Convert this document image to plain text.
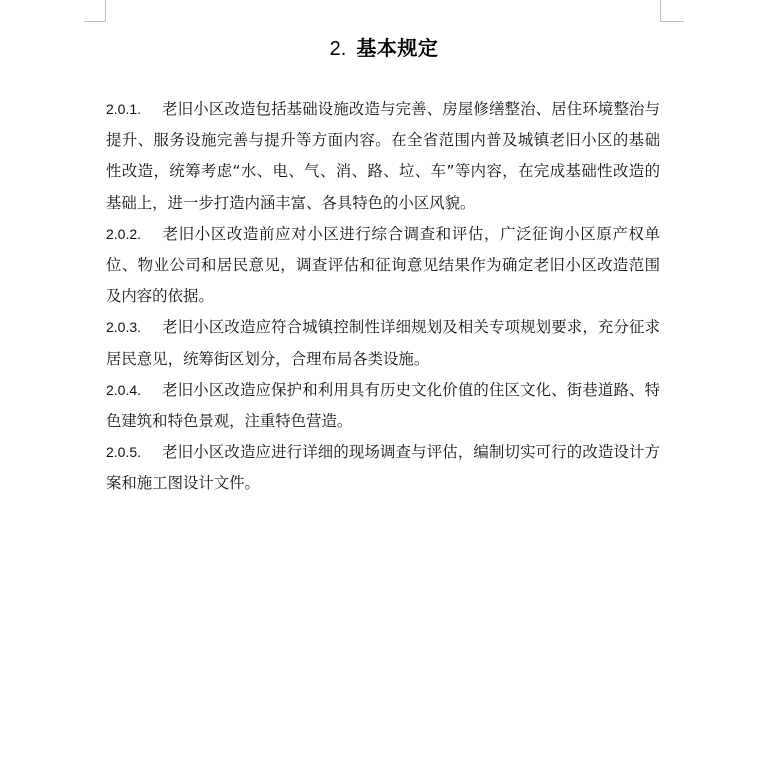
2. 基本规定

2.0.1. 老旧小区改造包括基础设施改造与完善、房屋修缮整治、居住环境整治与提升、服务设施完善与提升等方面内容。在全省范围内普及城镇老旧小区的基础性改造，统筹考虑“水、电、气、消、路、垃、车”等内容，在完成基础性改造的基础上，进一步打造内涵丰富、各具特色的小区风貌。

2.0.2. 老旧小区改造前应对小区进行综合调查和评估，广泛征询小区原产权单位、物业公司和居民意见，调查评估和征询意见结果作为确定老旧小区改造范围及内容的依据。

2.0.3. 老旧小区改造应符合城镇控制性详细规划及相关专项规划要求，充分征求居民意见，统筹街区划分，合理布局各类设施。

2.0.4. 老旧小区改造应保护和利用具有历史文化价值的住区文化、街巷道路、特色建筑和特色景观，注重特色营造。

2.0.5. 老旧小区改造应进行详细的现场调查与评估，编制切实可行的改造设计方案和施工图设计文件。
